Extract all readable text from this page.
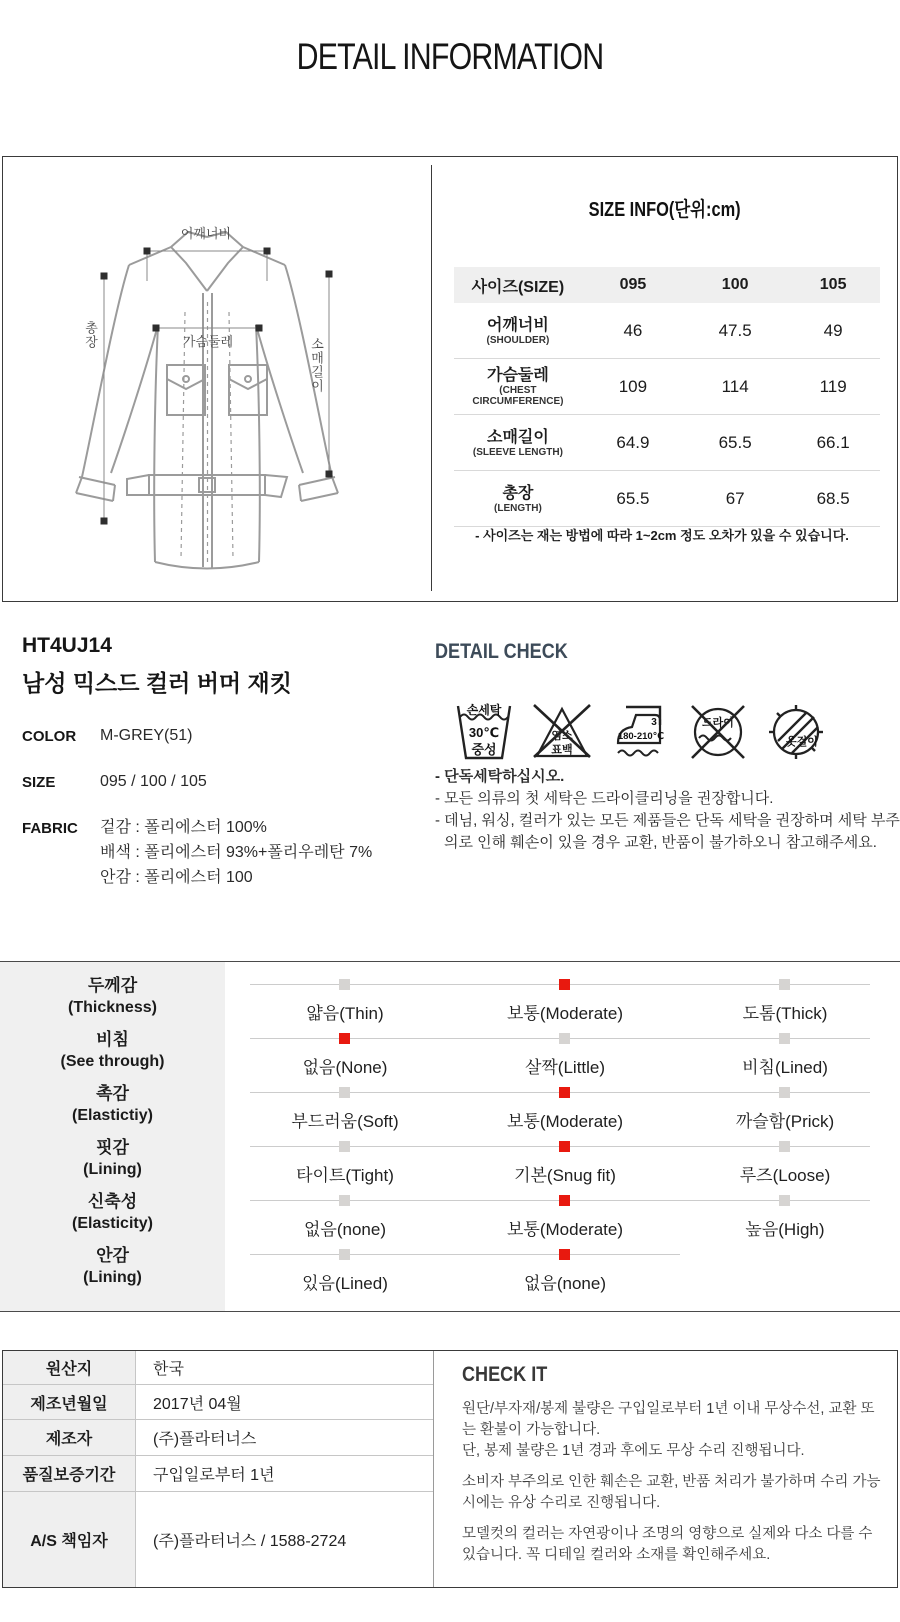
DETAIL INFORMATION
어깨너비
총장	가슴둘레	소매길이
SIZE INFO(단위:cm)
사이즈(SIZE)	095	100	105
어깨너비
(SHOULDER)	46	47.5	49
가슴둘레
(CHEST CIRCUMFERENCE)	109	114	119
소매길이
(SLEEVE LENGTH)	64.9	65.5	66.1
총장
(LENGTH)	65.5	67	68.5
- 사이즈는 재는 방법에 따라 1~2cm 정도 오차가 있을 수 있습니다.
HT4UJ14
남성 믹스드 컬러 버머 재킷
COLOR M-GREY(51)
SIZE	095 / 100 / 105
FABRIC 겉감 : 폴리에스터 100%
배색 : 폴리에스터 93%+폴리우레탄 7%
안감 : 폴리에스터 100
DETAIL CHECK
손세탁
30℃
중성
염소
표백
3
180-210℃
드라이
옷걸이
- 단독세탁하십시오.
- 모든 의류의 첫 세탁은 드라이클리닝을 권장합니다.
- 데님, 워싱, 컬러가 있는 모든 제품들은 단독 세탁을 권장하며 세탁 부주의로 인해 훼손이 있을 경우 교환, 반품이 불가하오니 참고해주세요.
두께감
(Thickness)	얇음(Thin)	보통(Moderate)	도톰(Thick)
비침
(See through)	없음(None)	살짝(Little)	비침(Lined)
촉감
(Elastictiy)	부드러움(Soft)	보통(Moderate)	까슬함(Prick)
핏감
(Lining)	타이트(Tight)	기본(Snug fit)	루즈(Loose)
신축성
(Elasticity)	없음(none)	보통(Moderate)	높음(High)
안감
(Lining)	있음(Lined)	없음(none)
원산지	한국
제조년월일	2017년 04월
제조자	(주)플라터너스
품질보증기간	구입일로부터 1년
A/S 책임자	(주)플라터너스 / 1588-2724
CHECK IT

원단/부자재/봉제 불량은 구입일로부터 1년 이내 무상수선, 교환 또는 환불이 가능합니다.

단, 봉제 불량은 1년 경과 후에도 무상 수리 진행됩니다.

소비자 부주의로 인한 훼손은 교환, 반품 처리가 불가하며 수리 가능시에는 유상 수리로 진행됩니다.

모델컷의 컬러는 자연광이나 조명의 영향으로 실제와 다소 다를 수 있습니다. 꼭 디테일 컬러와 소재를 확인해주세요.
